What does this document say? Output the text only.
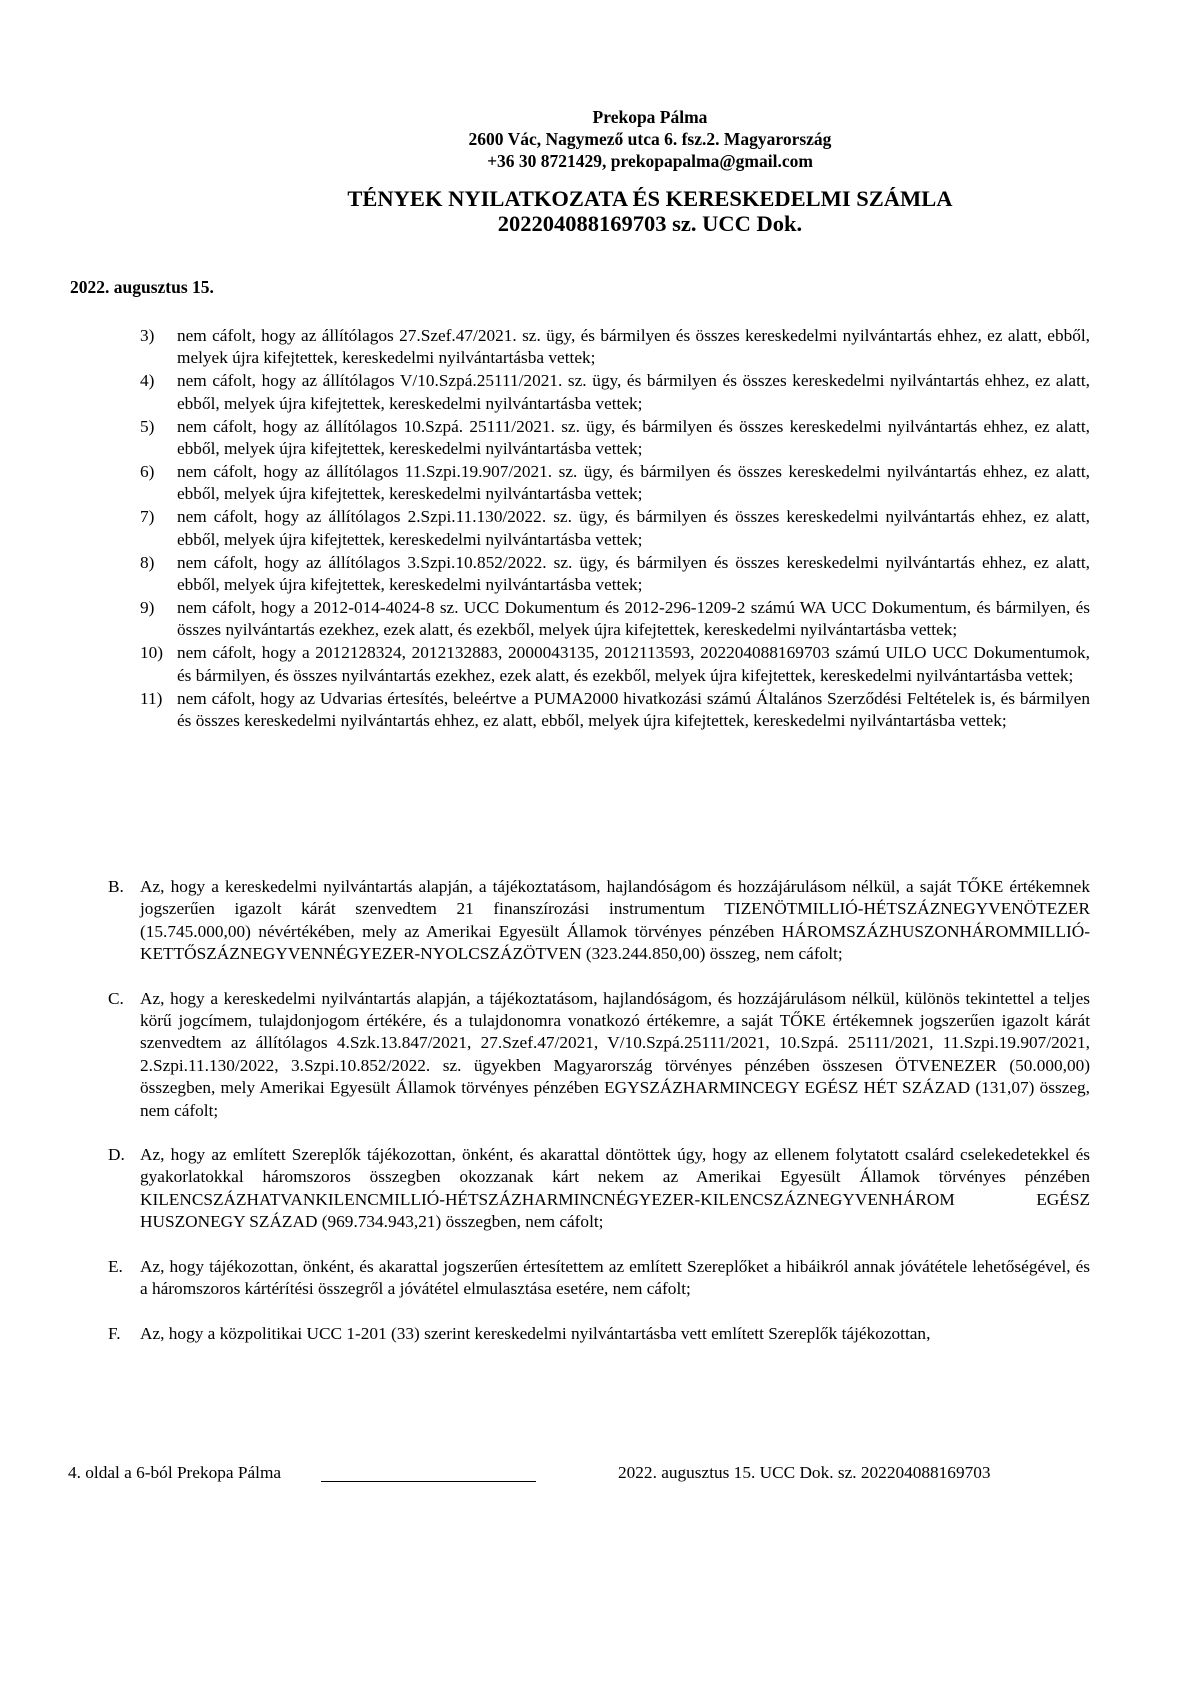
Prekopa Pálma
2600 Vác, Nagymező utca 6. fsz.2. Magyarország
+36 30 8721429, prekopapalma@gmail.com
TÉNYEK NYILATKOZATA ÉS KERESKEDELMI SZÁMLA
202204088169703 sz. UCC Dok.
2022. augusztus 15.
3) nem cáfolt, hogy az állítólagos 27.Szef.47/2021. sz. ügy, és bármilyen és összes kereskedelmi nyilvántartás ehhez, ez alatt, ebből, melyek újra kifejtettek, kereskedelmi nyilvántartásba vettek;
4) nem cáfolt, hogy az állítólagos V/10.Szpá.25111/2021. sz. ügy, és bármilyen és összes kereskedelmi nyilvántartás ehhez, ez alatt, ebből, melyek újra kifejtettek, kereskedelmi nyilvántartásba vettek;
5) nem cáfolt, hogy az állítólagos 10.Szpá. 25111/2021. sz. ügy, és bármilyen és összes kereskedelmi nyilvántartás ehhez, ez alatt, ebből, melyek újra kifejtettek, kereskedelmi nyilvántartásba vettek;
6) nem cáfolt, hogy az állítólagos 11.Szpi.19.907/2021. sz. ügy, és bármilyen és összes kereskedelmi nyilvántartás ehhez, ez alatt, ebből, melyek újra kifejtettek, kereskedelmi nyilvántartásba vettek;
7) nem cáfolt, hogy az állítólagos 2.Szpi.11.130/2022. sz. ügy, és bármilyen és összes kereskedelmi nyilvántartás ehhez, ez alatt, ebből, melyek újra kifejtettek, kereskedelmi nyilvántartásba vettek;
8) nem cáfolt, hogy az állítólagos 3.Szpi.10.852/2022. sz. ügy, és bármilyen és összes kereskedelmi nyilvántartás ehhez, ez alatt, ebből, melyek újra kifejtettek, kereskedelmi nyilvántartásba vettek;
9) nem cáfolt, hogy a 2012-014-4024-8 sz. UCC Dokumentum és 2012-296-1209-2 számú WA UCC Dokumentum, és bármilyen, és összes nyilvántartás ezekhez, ezek alatt, és ezekből, melyek újra kifejtettek, kereskedelmi nyilvántartásba vettek;
10) nem cáfolt, hogy a 2012128324, 2012132883, 2000043135, 2012113593, 202204088169703 számú UILO UCC Dokumentumok, és bármilyen, és összes nyilvántartás ezekhez, ezek alatt, és ezekből, melyek újra kifejtettek, kereskedelmi nyilvántartásba vettek;
11) nem cáfolt, hogy az Udvarias értesítés, beleértve a PUMA2000 hivatkozási számú Általános Szerződési Feltételek is, és bármilyen és összes kereskedelmi nyilvántartás ehhez, ez alatt, ebből, melyek újra kifejtettek, kereskedelmi nyilvántartásba vettek;
B. Az, hogy a kereskedelmi nyilvántartás alapján, a tájékoztatásom, hajlandóságom és hozzájárulásom nélkül, a saját TŐKE értékemnek jogszerűen igazolt kárát szenvedtem 21 finanszírozási instrumentum TIZENÖTMILLIÓ-HÉTSZÁZNEGYVENÖTEZER (15.745.000,00) névértékében, mely az Amerikai Egyesült Államok törvényes pénzében HÁROMSZÁZHUSZONHÁROMMILLIÓ-KETTŐSZÁZNEGYVENNÉGYEZER-NYOLCSZÁZÖTVEN (323.244.850,00) összeg, nem cáfolt;
C. Az, hogy a kereskedelmi nyilvántartás alapján, a tájékoztatásom, hajlandóságom, és hozzájárulásom nélkül, különös tekintettel a teljes körű jogcímem, tulajdonjogom értékére, és a tulajdonomra vonatkozó értékemre, a saját TŐKE értékemnek jogszerűen igazolt kárát szenvedtem az állítólagos 4.Szk.13.847/2021, 27.Szef.47/2021, V/10.Szpá.25111/2021, 10.Szpá. 25111/2021, 11.Szpi.19.907/2021, 2.Szpi.11.130/2022, 3.Szpi.10.852/2022. sz. ügyekben Magyarország törvényes pénzében összesen ÖTVENEZER (50.000,00) összegben, mely Amerikai Egyesült Államok törvényes pénzében EGYSZÁZHARMINCEGY EGÉSZ HÉT SZÁZAD (131,07) összeg, nem cáfolt;
D. Az, hogy az említett Szereplők tájékozottan, önként, és akarattal döntöttek úgy, hogy az ellenem folytatott csalárd cselekedetekkel és gyakorlatokkal háromszoros összegben okozzanak kárt nekem az Amerikai Egyesült Államok törvényes pénzében KILENCSZÁZHATVANKILENCMILLIÓ-HÉTSZÁZHARMINCNÉGYEZER-KILENCSZÁZNEGYVENHÁROM EGÉSZ HUSZONEGY SZÁZAD (969.734.943,21) összegben, nem cáfolt;
E. Az, hogy tájékozottan, önként, és akarattal jogszerűen értesítettem az említett Szereplőket a hibáikról annak jóvátétele lehetőségével, és a háromszoros kártérítési összegről a jóvátétel elmulasztása esetére, nem cáfolt;
F. Az, hogy a közpolitikai UCC 1-201 (33) szerint kereskedelmi nyilvántartásba vett említett Szereplők tájékozottan,
4. oldal a 6-ból Prekopa Pálma	2022. augusztus 15. UCC Dok. sz. 202204088169703
